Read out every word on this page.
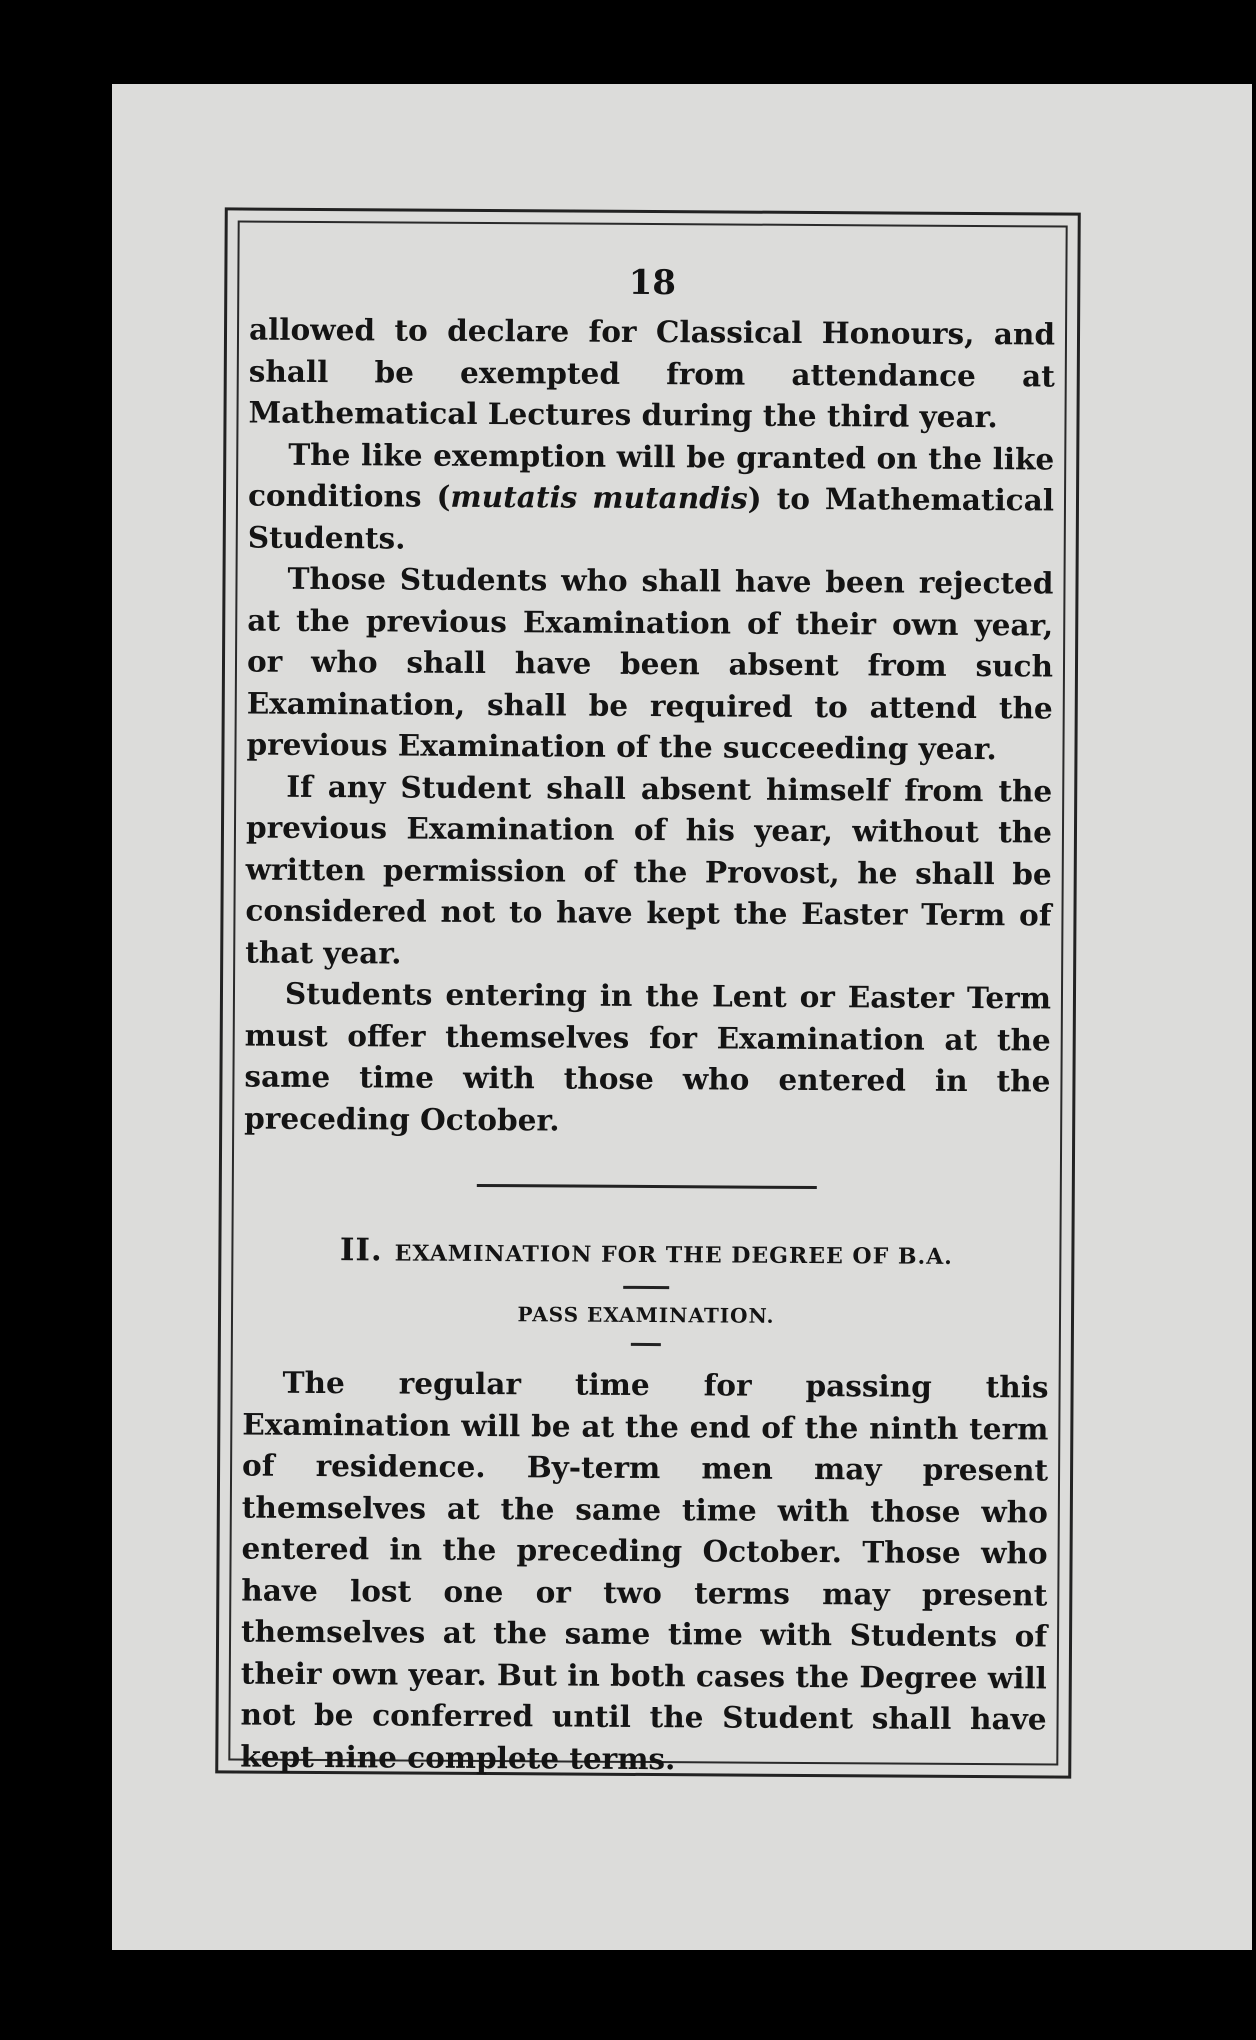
18

allowed to declare for Classical Honours, and shall be exempted from attendance at Mathematical Lectures during the third year.

The like exemption will be granted on the like conditions (mutatis mutandis) to Mathematical Students.

Those Students who shall have been rejected at the previous Examination of their own year, or who shall have been absent from such Examination, shall be required to attend the previous Examination of the succeeding year.

If any Student shall absent himself from the previous Examination of his year, without the written permission of the Provost, he shall be considered not to have kept the Easter Term of that year.

Students entering in the Lent or Easter Term must offer themselves for Examination at the same time with those who entered in the preceding October.

II. EXAMINATION FOR THE DEGREE OF B.A.

PASS EXAMINATION.

The regular time for passing this Examination will be at the end of the ninth term of residence. By-term men may present themselves at the same time with those who entered in the preceding October. Those who have lost one or two terms may present themselves at the same time with Students of their own year. But in both cases the Degree will not be conferred until the Student shall have kept nine complete terms.
